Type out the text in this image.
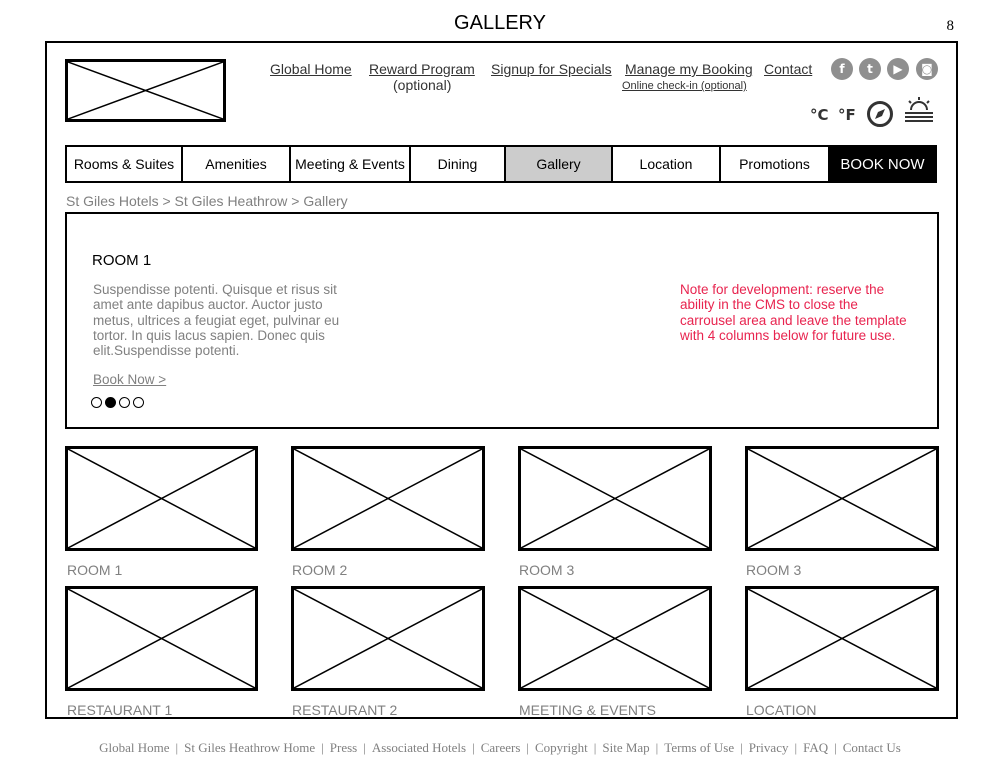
GALLERY	8
Global Home Reward Program
(optional)
Signup for Specials Manage my Booking
Online check-in (optional)
Contact	f	t	▶	◙
°C °F
Rooms & Suites	Amenities	Meeting & Events	Dining	Gallery	Location	Promotions	BOOK NOW
St Giles Hotels > St Giles Heathrow > Gallery
ROOM 1
Suspendisse potenti. Quisque et risus sit amet ante dapibus auctor. Auctor justo metus, ultrices a feugiat eget, pulvinar eu tortor. In quis lacus sapien. Donec quis elit.Suspendisse potenti.
Book Now >
Note for development: reserve the ability in the CMS to close the carrousel area and leave the template with 4 columns below for future use.
ROOM 1	ROOM 2	ROOM 3	ROOM 3
RESTAURANT 1	RESTAURANT 2	MEETING & EVENTS	LOCATION
Global Home | St Giles Heathrow Home | Press | Associated Hotels | Careers | Copyright | Site Map | Terms of Use | Privacy | FAQ | Contact Us
